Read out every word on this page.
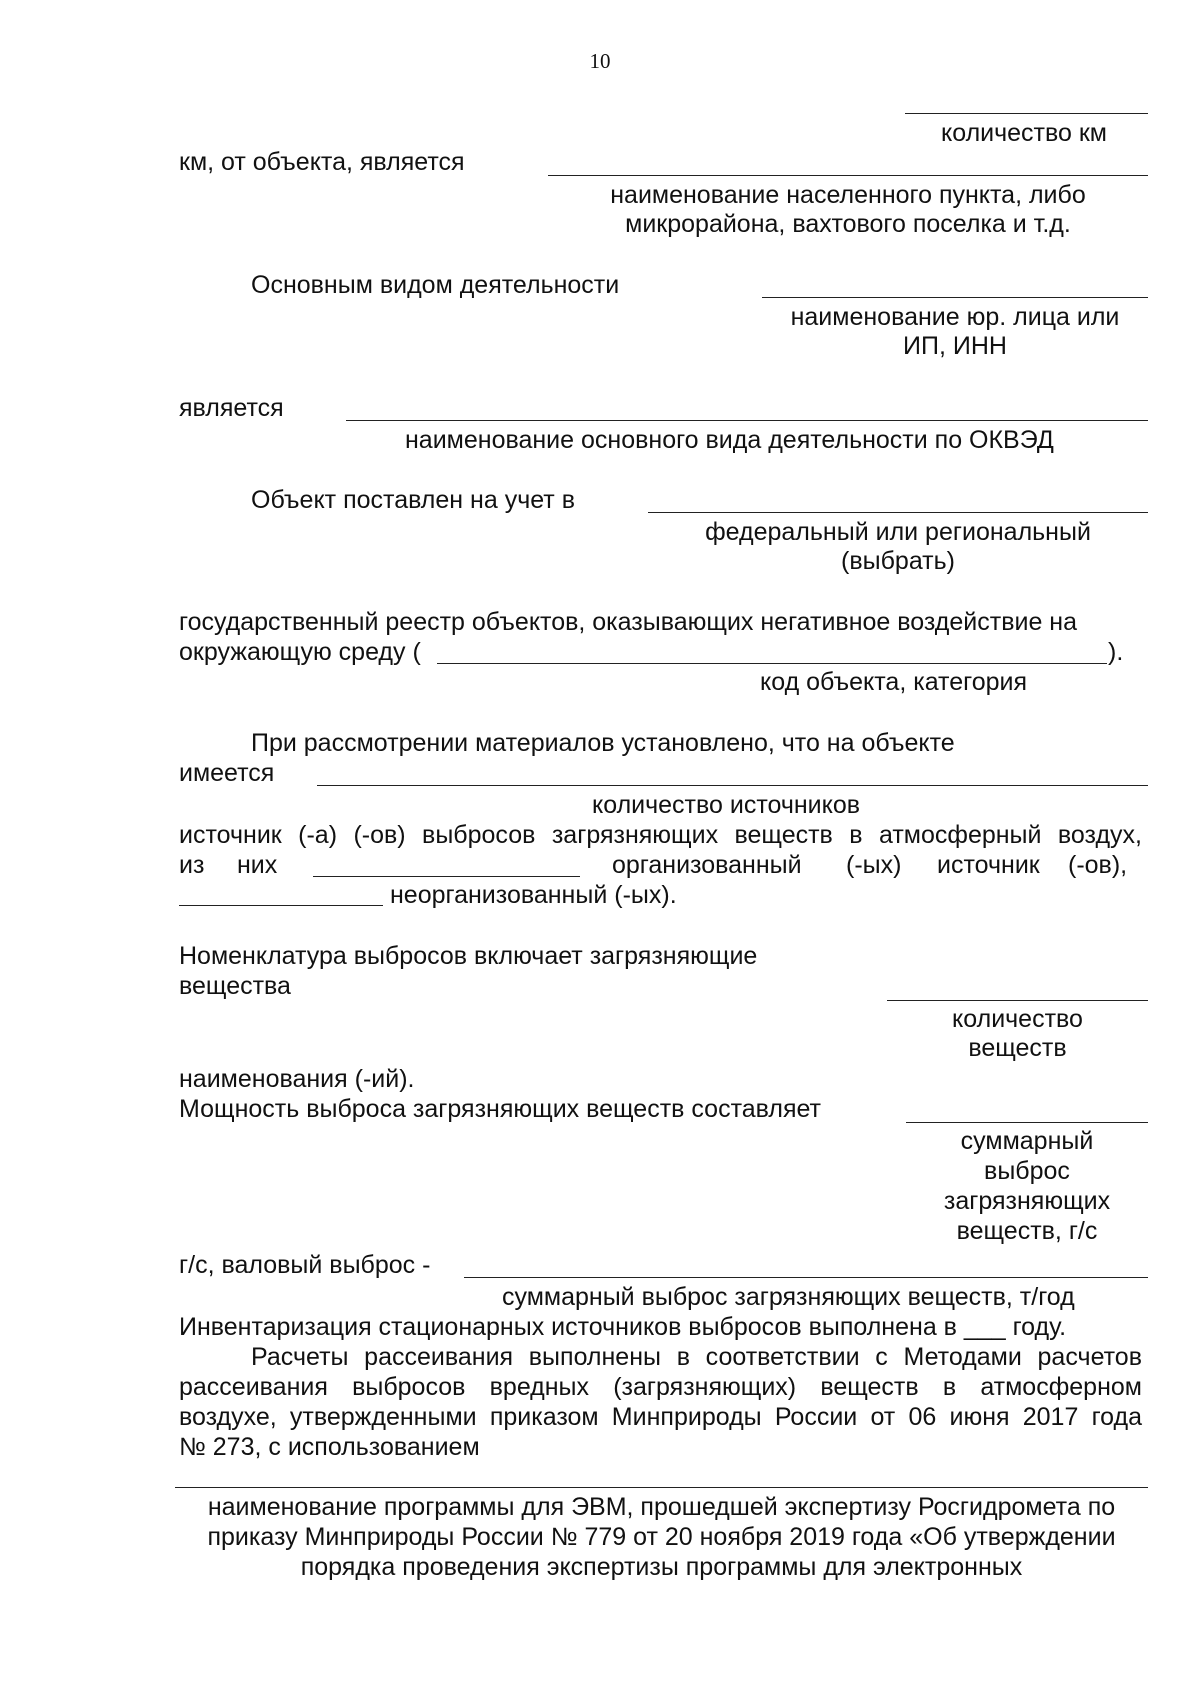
10
количество км
км, от объекта, является
наименование населенного пункта, либо
микрорайона, вахтового поселка и т.д.
Основным видом деятельности
наименование юр. лица или
ИП, ИНН
является
наименование основного вида деятельности по ОКВЭД
Объект поставлен на учет в
федеральный или региональный
(выбрать)
государственный реестр объектов, оказывающих негативное воздействие на
окружающую среду (	).
код объекта, категория
При рассмотрении материалов установлено, что на объекте
имеется
количество источников
источник (-а) (-ов) выбросов загрязняющих веществ в атмосферный воздух,
из них	организованный (-ых) источник (-ов),
неорганизованный (-ых).
Номенклатура выбросов включает загрязняющие
вещества
количество
веществ
наименования (-ий).
Мощность выброса загрязняющих веществ составляет
суммарный
выброс
загрязняющих
веществ, г/с
г/с, валовый выброс -
суммарный выброс загрязняющих веществ, т/год
Инвентаризация стационарных источников выбросов выполнена в ___ году.
Расчеты рассеивания выполнены в соответствии с Методами расчетов
рассеивания выбросов вредных (загрязняющих) веществ в атмосферном
воздухе, утвержденными приказом Минприроды России от 06 июня 2017 года
№ 273, с использованием
наименование программы для ЭВМ, прошедшей экспертизу Росгидромета по
приказу Минприроды России № 779 от 20 ноября 2019 года «Об утверждении
порядка проведения экспертизы программы для электронных
